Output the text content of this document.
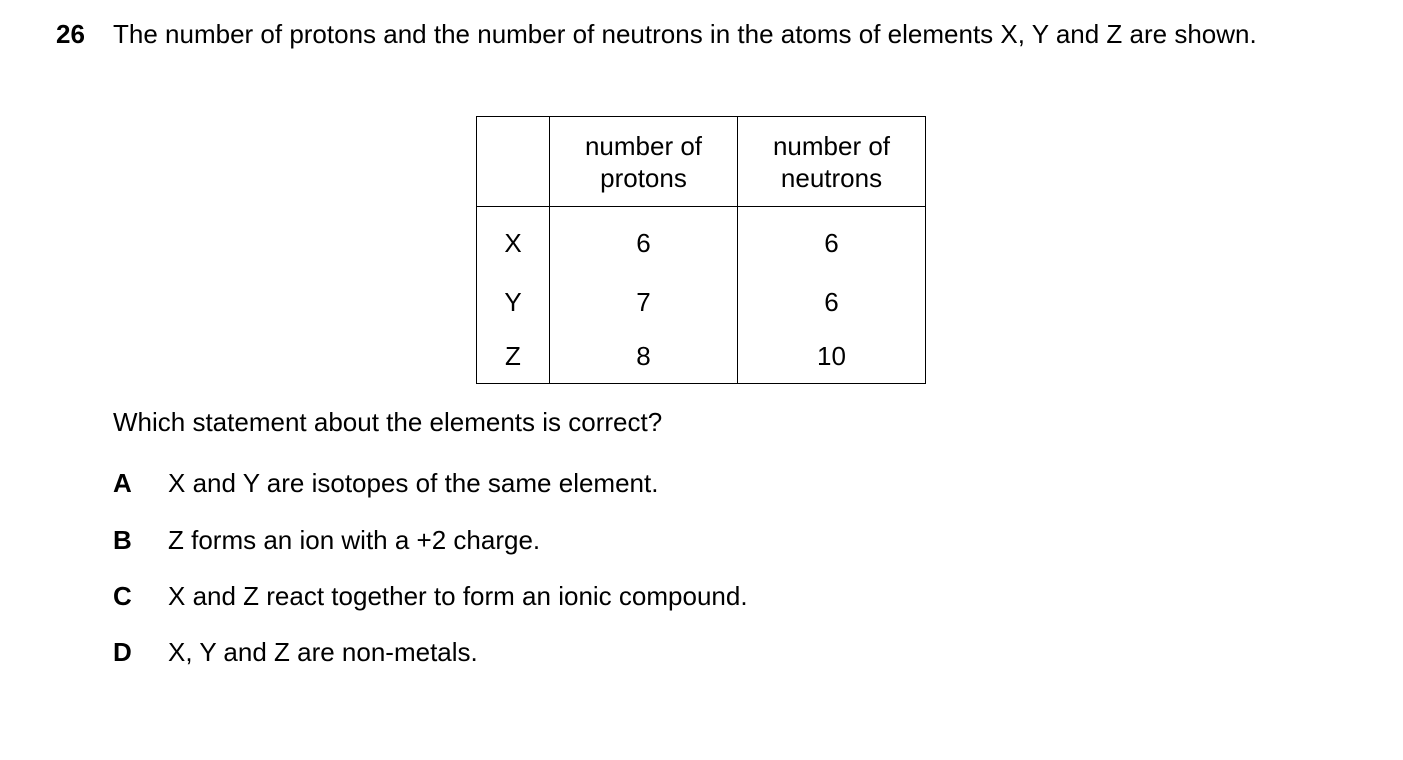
26 The number of protons and the number of neutrons in the atoms of elements X, Y and Z are shown.
	number of protons	number of neutrons
X	6	6
Y	7	6
Z	8	10
Which statement about the elements is correct?
A X and Y are isotopes of the same element.
B Z forms an ion with a +2 charge.
C X and Z react together to form an ionic compound.
D X, Y and Z are non-metals.
